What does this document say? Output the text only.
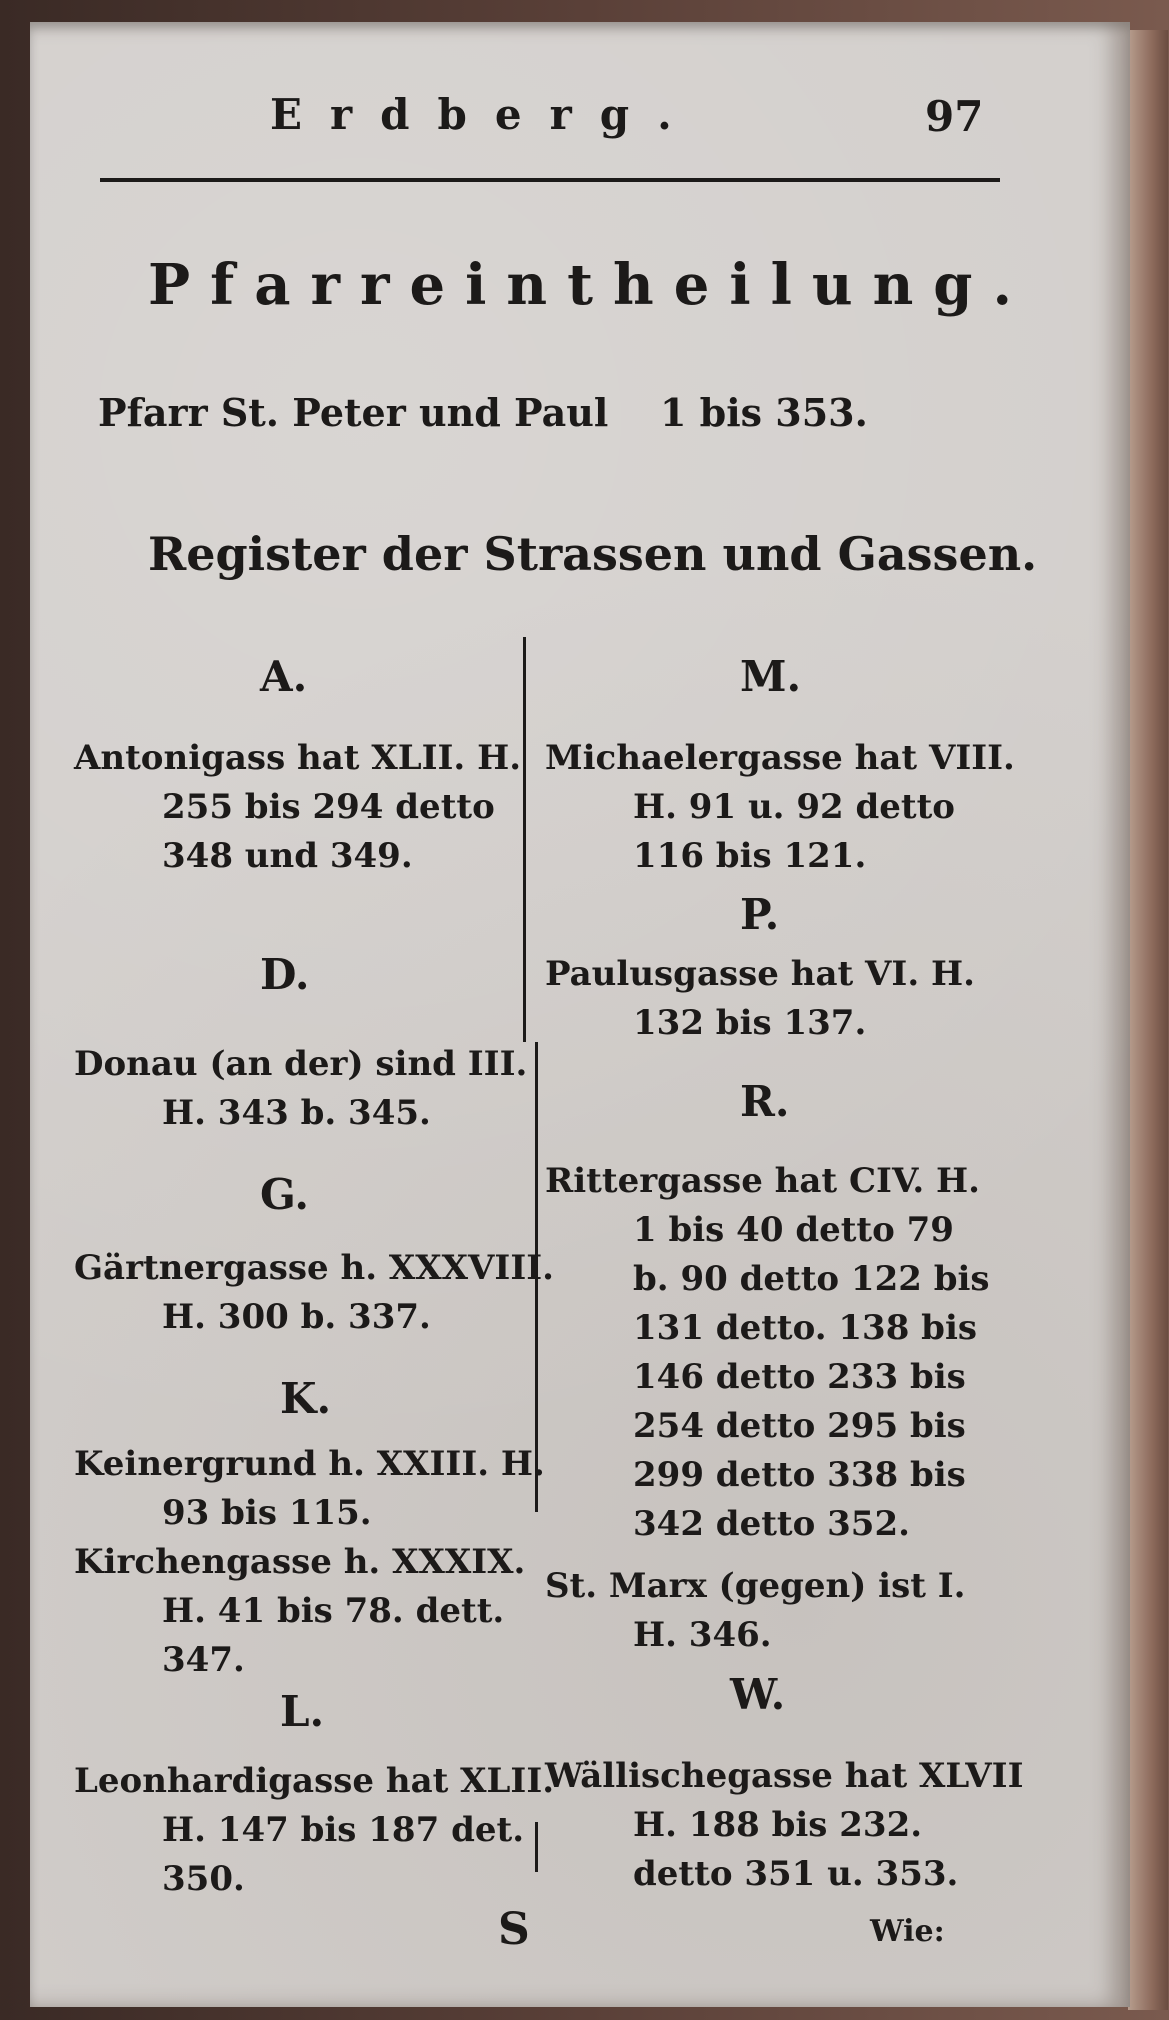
Erdberg.	97
Pfarreintheilung.
Pfarr St. Peter und Paul 1 bis 353.
Register der Strassen und Gassen.
A.
Antonigass hat XLII. H.
255 bis 294 detto
348 und 349.
D.
Donau (an der) sind III.
H. 343 b. 345.
G.
Gärtnergasse h. XXXVIII.
H. 300 b. 337.
K.
Keinergrund h. XXIII. H.
93 bis 115.
Kirchengasse h. XXXIX.
H. 41 bis 78. dett.
347.
L.
Leonhardigasse hat XLII.
H. 147 bis 187 det.
350.
M.
Michaelergasse hat VIII.
H. 91 u. 92 detto
116 bis 121.
P.
Paulusgasse hat VI. H.
132 bis 137.
R.
Rittergasse hat CIV. H.
1 bis 40 detto 79
b. 90 detto 122 bis
131 detto. 138 bis
146 detto 233 bis
254 detto 295 bis
299 detto 338 bis
342 detto 352.
St. Marx (gegen) ist I.
H. 346.
W.
Wällischegasse hat XLVII
H. 188 bis 232.
detto 351 u. 353.
S	Wie:
